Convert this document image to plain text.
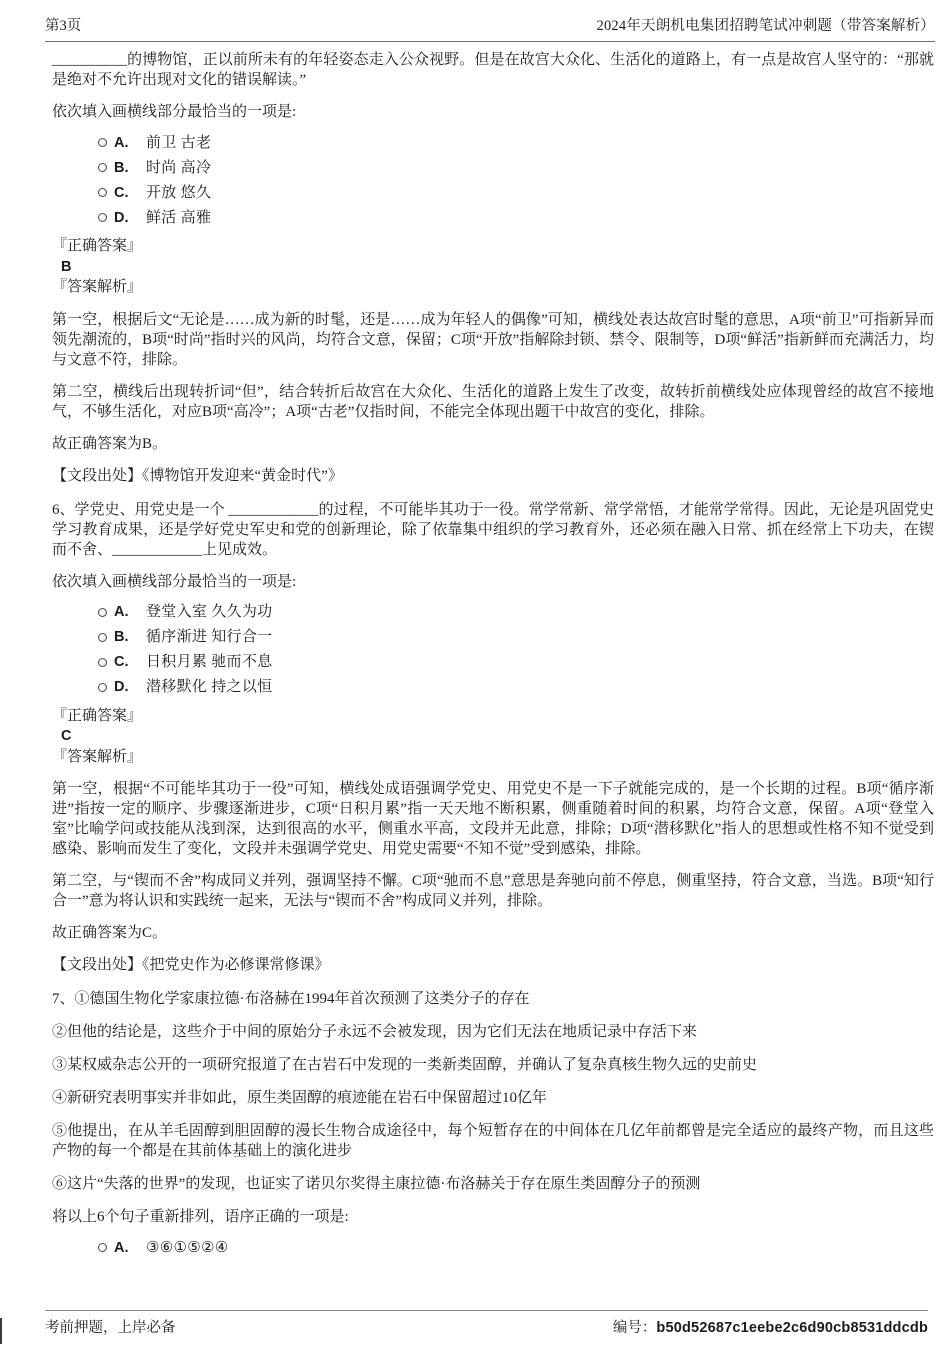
第3页	2024年天朗机电集团招聘笔试冲刺题（带答案解析）

__________的博物馆，正以前所未有的年轻姿态走入公众视野。但是在故宫大众化、生活化的道路上，有一点是故宫人坚守的：“那就是绝对不允许出现对文化的错误解读。”

依次填入画横线部分最恰当的一项是:

A.	前卫 古老
B.	时尚 高冷
C.	开放 悠久
D.	鲜活 高雅
『正确答案』
B
『答案解析』

第一空，根据后文“无论是……成为新的时髦，还是……成为年轻人的偶像”可知，横线处表达故宫时髦的意思，A项“前卫”可指新异而领先潮流的，B项“时尚”指时兴的风尚，均符合文意，保留；C项“开放”指解除封锁、禁令、限制等，D项“鲜活”指新鲜而充满活力，均与文意不符，排除。

第二空，横线后出现转折词“但”，结合转折后故宫在大众化、生活化的道路上发生了改变，故转折前横线处应体现曾经的故宫不接地气，不够生活化，对应B项“高冷”；A项“古老”仅指时间，不能完全体现出题干中故宫的变化，排除。

故正确答案为B。

【文段出处】《博物馆开发迎来“黄金时代”》

6、学党史、用党史是一个 ____________的过程，不可能毕其功于一役。常学常新、常学常悟，才能常学常得。因此，无论是巩固党史学习教育成果，还是学好党史军史和党的创新理论，除了依靠集中组织的学习教育外，还必须在融入日常、抓在经常上下功夫，在锲而不舍、____________上见成效。

依次填入画横线部分最恰当的一项是:

A.	登堂入室 久久为功
B.	循序渐进 知行合一
C.	日积月累 驰而不息
D.	潜移默化 持之以恒
『正确答案』
C
『答案解析』

第一空，根据“不可能毕其功于一役”可知，横线处成语强调学党史、用党史不是一下子就能完成的，是一个长期的过程。B项“循序渐进”指按一定的顺序、步骤逐渐进步，C项“日积月累”指一天天地不断积累，侧重随着时间的积累，均符合文意，保留。A项“登堂入室”比喻学问或技能从浅到深，达到很高的水平，侧重水平高，文段并无此意，排除；D项“潜移默化”指人的思想或性格不知不觉受到感染、影响而发生了变化，文段并未强调学党史、用党史需要“不知不觉”受到感染，排除。

第二空，与“锲而不舍”构成同义并列，强调坚持不懈。C项“驰而不息”意思是奔驰向前不停息，侧重坚持，符合文意，当选。B项“知行合一”意为将认识和实践统一起来，无法与“锲而不舍”构成同义并列，排除。

故正确答案为C。

【文段出处】《把党史作为必修课常修课》

7、①德国生物化学家康拉德·布洛赫在1994年首次预测了这类分子的存在

②但他的结论是，这些介于中间的原始分子永远不会被发现，因为它们无法在地质记录中存活下来

③某权威杂志公开的一项研究报道了在古岩石中发现的一类新类固醇，并确认了复杂真核生物久远的史前史

④新研究表明事实并非如此，原生类固醇的痕迹能在岩石中保留超过10亿年

⑤他提出，在从羊毛固醇到胆固醇的漫长生物合成途径中，每个短暂存在的中间体在几亿年前都曾是完全适应的最终产物，而且这些产物的每一个都是在其前体基础上的演化进步

⑥这片“失落的世界”的发现，也证实了诺贝尔奖得主康拉德·布洛赫关于存在原生类固醇分子的预测

将以上6个句子重新排列，语序正确的一项是:

A.	③⑥①⑤②④
考前押题，上岸必备	编号：b50d52687c1eebe2c6d90cb8531ddcdb
